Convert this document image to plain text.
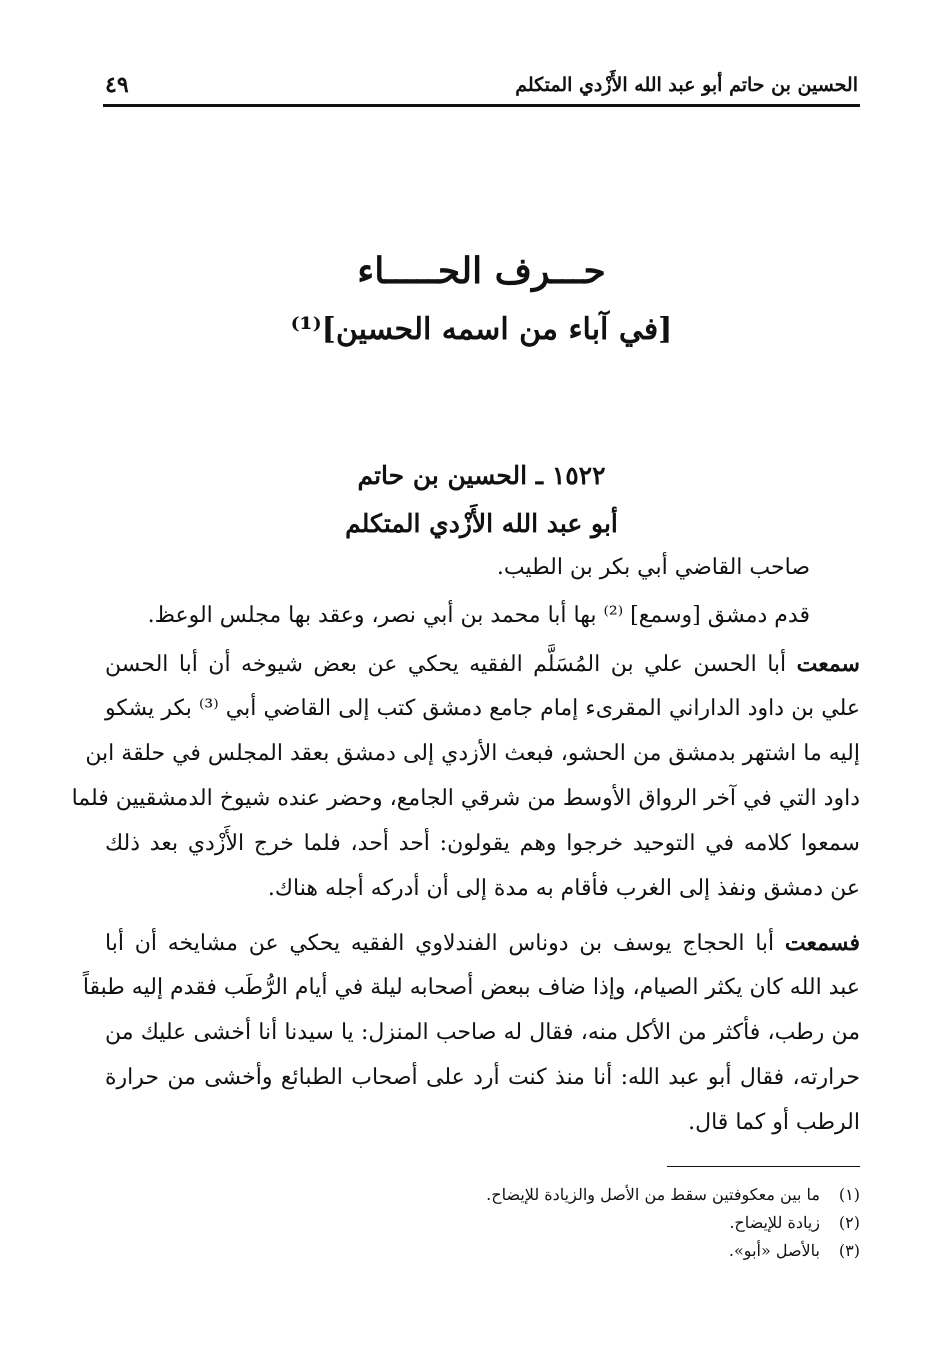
الحسين بن حاتم أبو عبد الله الأَزْدي المتكلم
٤٩
حـــرف الحـــــاء
[في آباء من اسمه الحسين]⁽¹⁾
١٥٢٢ ـ الحسين بن حاتم
أبو عبد الله الأَزْدي المتكلم
صاحب القاضي أبي بكر بن الطيب.
قدم دمشق [وسمع] ⁽²⁾ بها أبا محمد بن أبي نصر، وعقد بها مجلس الوعظ.
سمعت أبا الحسن علي بن المُسَلَّم الفقيه يحكي عن بعض شيوخه أن أبا الحسن
علي بن داود الداراني المقرىء إمام جامع دمشق كتب إلى القاضي أبي ⁽³⁾ بكر يشكو
إليه ما اشتهر بدمشق من الحشو، فبعث الأزدي إلى دمشق بعقد المجلس في حلقة ابن
داود التي في آخر الرواق الأوسط من شرقي الجامع، وحضر عنده شيوخ الدمشقيين فلما
سمعوا كلامه في التوحيد خرجوا وهم يقولون: أحد أحد، فلما خرج الأَزْدي بعد ذلك
عن دمشق ونفذ إلى الغرب فأقام به مدة إلى أن أدركه أجله هناك.
فسمعت أبا الحجاج يوسف بن دوناس الفندلاوي الفقيه يحكي عن مشايخه أن أبا
عبد الله كان يكثر الصيام، وإذا ضاف ببعض أصحابه ليلة في أيام الرُّطَب فقدم إليه طبقاً
من رطب، فأكثر من الأكل منه، فقال له صاحب المنزل: يا سيدنا أنا أخشى عليك من
حرارته، فقال أبو عبد الله: أنا منذ كنت أرد على أصحاب الطبائع وأخشى من حرارة
الرطب أو كما قال.
(١)ما بين معكوفتين سقط من الأصل والزيادة للإيضاح.
(٢)زيادة للإيضاح.
(٣)بالأصل «أبو».
